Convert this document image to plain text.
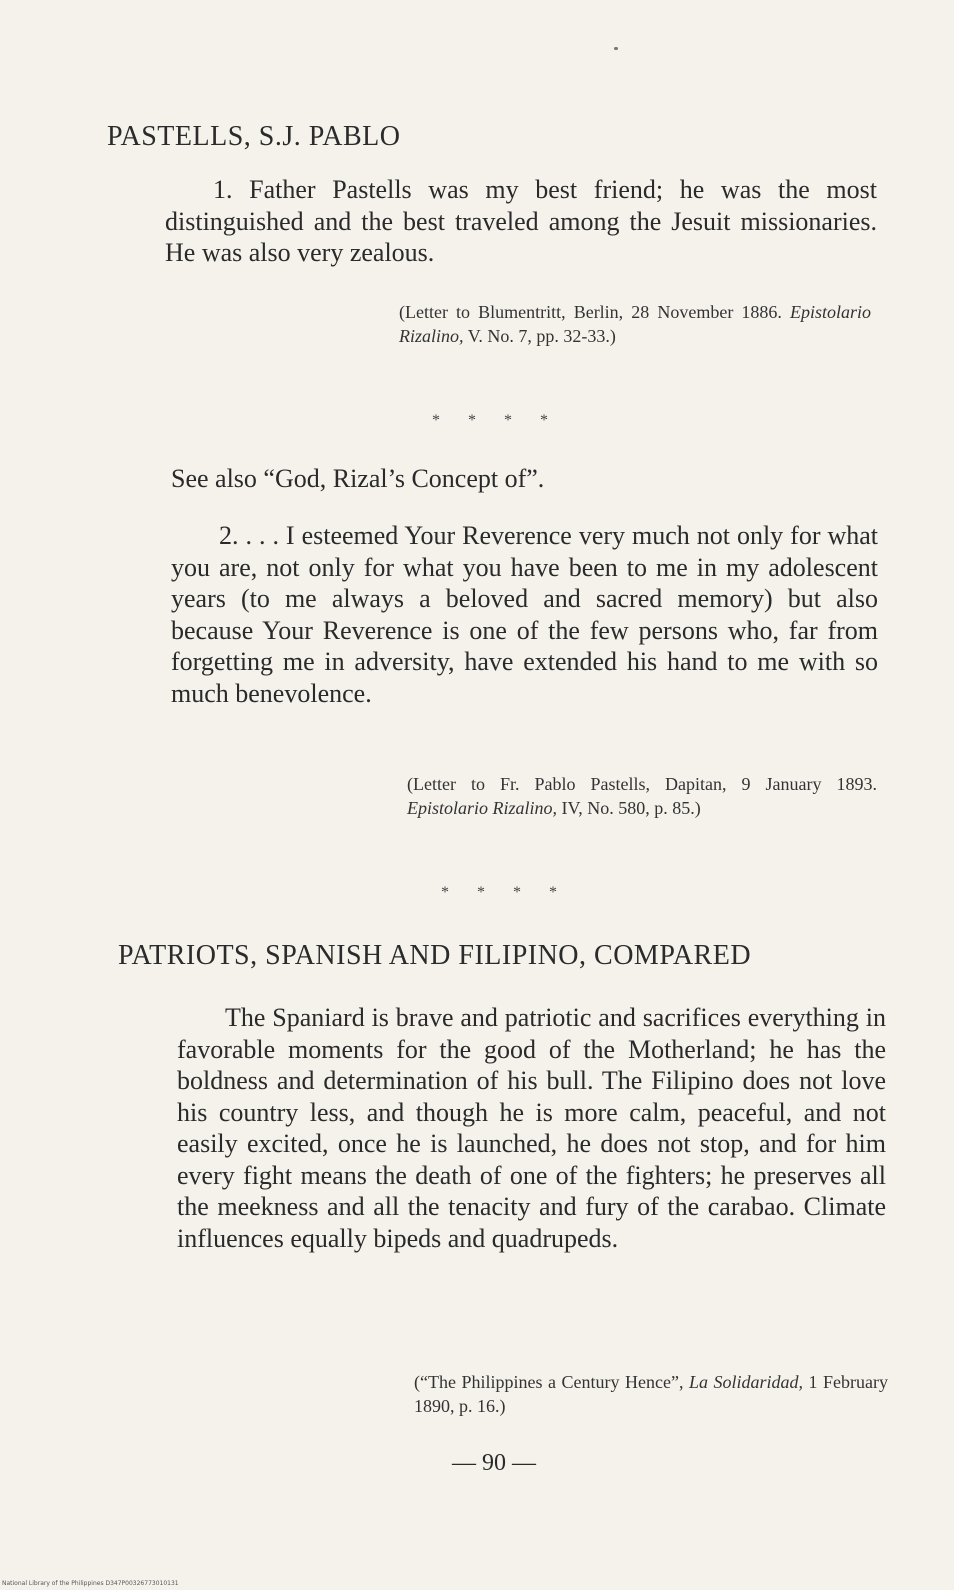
PASTELLS, S.J. PABLO
1. Father Pastells was my best friend; he was the most distinguished and the best traveled among the Jesuit missionaries. He was also very zealous.
(Letter to Blumentritt, Berlin, 28 November 1886. Epistolario Rizalino, V. No. 7, pp. 32-33.)
* * * *
See also “God, Rizal’s Concept of”.
2. . . . I esteemed Your Reverence very much not only for what you are, not only for what you have been to me in my adolescent years (to me always a beloved and sacred memory) but also because Your Reverence is one of the few persons who, far from forgetting me in adversity, have extended his hand to me with so much benevolence.
(Letter to Fr. Pablo Pastells, Dapitan, 9 January 1893. Epistolario Rizalino, IV, No. 580, p. 85.)
* * * *
PATRIOTS, SPANISH AND FILIPINO, COMPARED
The Spaniard is brave and patriotic and sacrifices everything in favorable moments for the good of the Motherland; he has the boldness and determination of his bull. The Filipino does not love his country less, and though he is more calm, peaceful, and not easily excited, once he is launched, he does not stop, and for him every fight means the death of one of the fighters; he preserves all the meekness and all the tenacity and fury of the carabao. Climate influences equally bipeds and quadrupeds.
(“The Philippines a Century Hence”, La Solidaridad, 1 February 1890, p. 16.)
— 90 —
National Library of the Philippines D347P00326773010131
